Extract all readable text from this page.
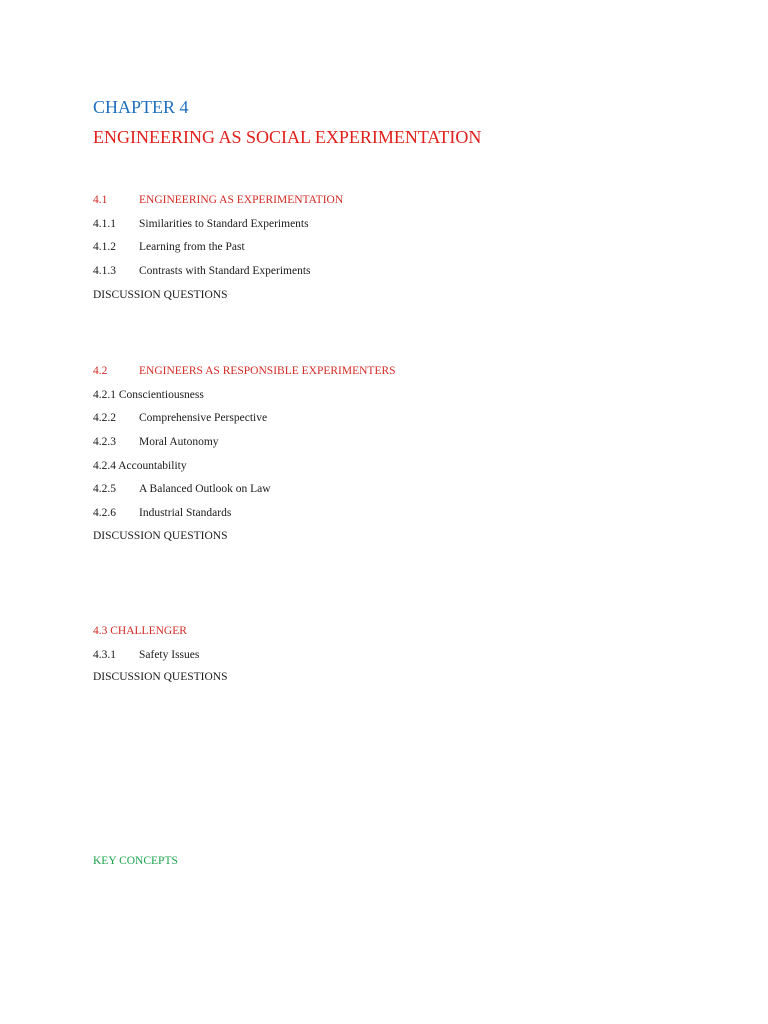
CHAPTER 4
ENGINEERING AS SOCIAL EXPERIMENTATION
4.1	ENGINEERING AS EXPERIMENTATION
4.1.1 Similarities to Standard Experiments
4.1.2 Learning from the Past
4.1.3 Contrasts with Standard Experiments
DISCUSSION QUESTIONS
4.2	ENGINEERS AS RESPONSIBLE EXPERIMENTERS
4.2.1 Conscientiousness
4.2.2 Comprehensive Perspective
4.2.3 Moral Autonomy
4.2.4 Accountability
4.2.5 A Balanced Outlook on Law
4.2.6 Industrial Standards
DISCUSSION QUESTIONS
4.3 CHALLENGER
4.3.1 Safety Issues
DISCUSSION QUESTIONS
KEY CONCEPTS
